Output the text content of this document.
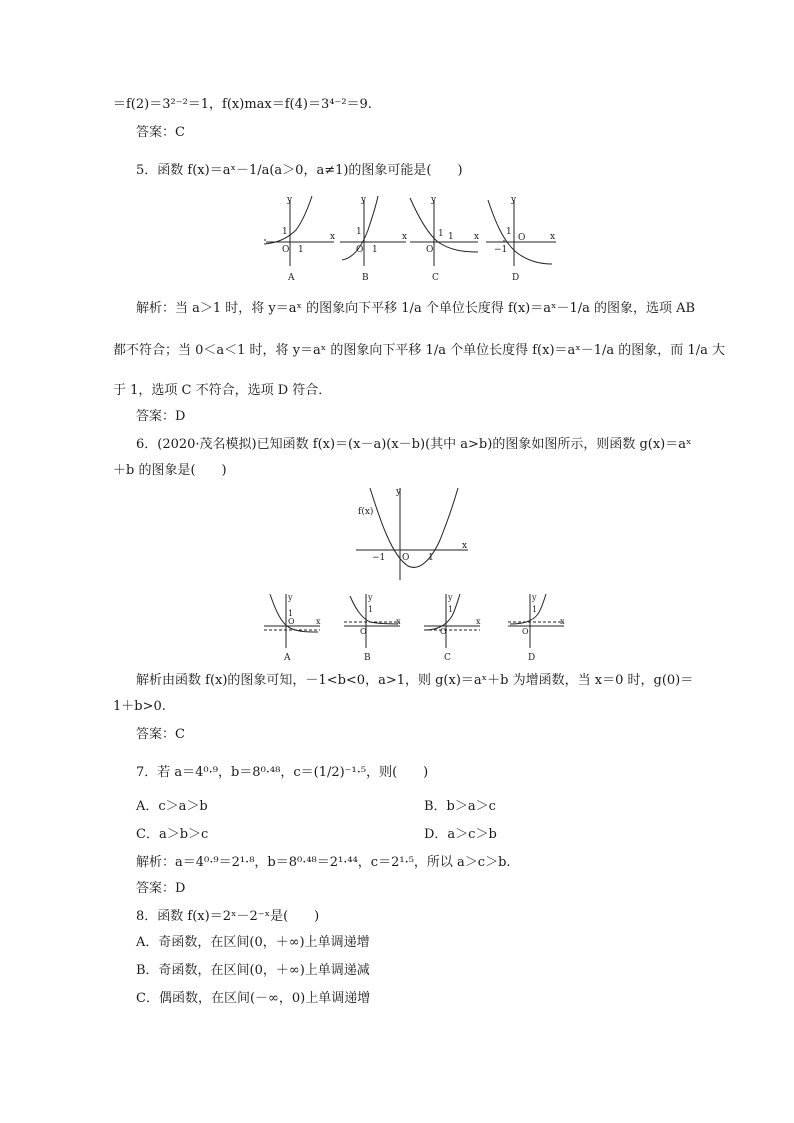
＝f(2)＝3²⁻²＝1，f(x)max＝f(4)＝3⁴⁻²＝9.
答案：C
5．函数 f(x)＝aˣ－1/a(a＞0，a≠1)的图象可能是(　　)
y
x
O
1
1
y
x
O
1
1
y
x
O
1 1
y
x
O
1
−1
A	B	C	D
解析：当 a＞1 时，将 y＝aˣ 的图象向下平移 1/a 个单位长度得 f(x)＝aˣ－1/a 的图象，选项 AB
都不符合；当 0＜a＜1 时，将 y＝aˣ 的图象向下平移 1/a 个单位长度得 f(x)＝aˣ－1/a 的图象，而 1/a 大
于 1，选项 C 不符合，选项 D 符合．
答案：D
6．(2020·茂名模拟)已知函数 f(x)＝(x－a)(x－b)(其中 a>b)的图象如图所示，则函数 g(x)＝aˣ
＋b 的图象是(　　)
y
x
f(x)
O
−1	1
y
x
1
O
y
x
1
O
y
x
1
O
y
x
1
O
A	B	C	D
解析由函数 f(x)的图象可知，－1<b<0，a>1，则 g(x)＝aˣ＋b 为增函数，当 x＝0 时，g(0)＝
1＋b>0.
答案：C
7．若 a＝4⁰·⁹，b＝8⁰·⁴⁸，c＝(1/2)⁻¹·⁵，则(　　)
A．c＞a＞b	B．b＞a＞c
C．a＞b＞c	D．a＞c＞b
解析：a＝4⁰·⁹＝2¹·⁸，b＝8⁰·⁴⁸＝2¹·⁴⁴，c＝2¹·⁵，所以 a＞c＞b.
答案：D
8．函数 f(x)＝2ˣ－2⁻ˣ是(　　)
A．奇函数，在区间(0，＋∞)上单调递增
B．奇函数，在区间(0，＋∞)上单调递减
C．偶函数，在区间(－∞，0)上单调递增
